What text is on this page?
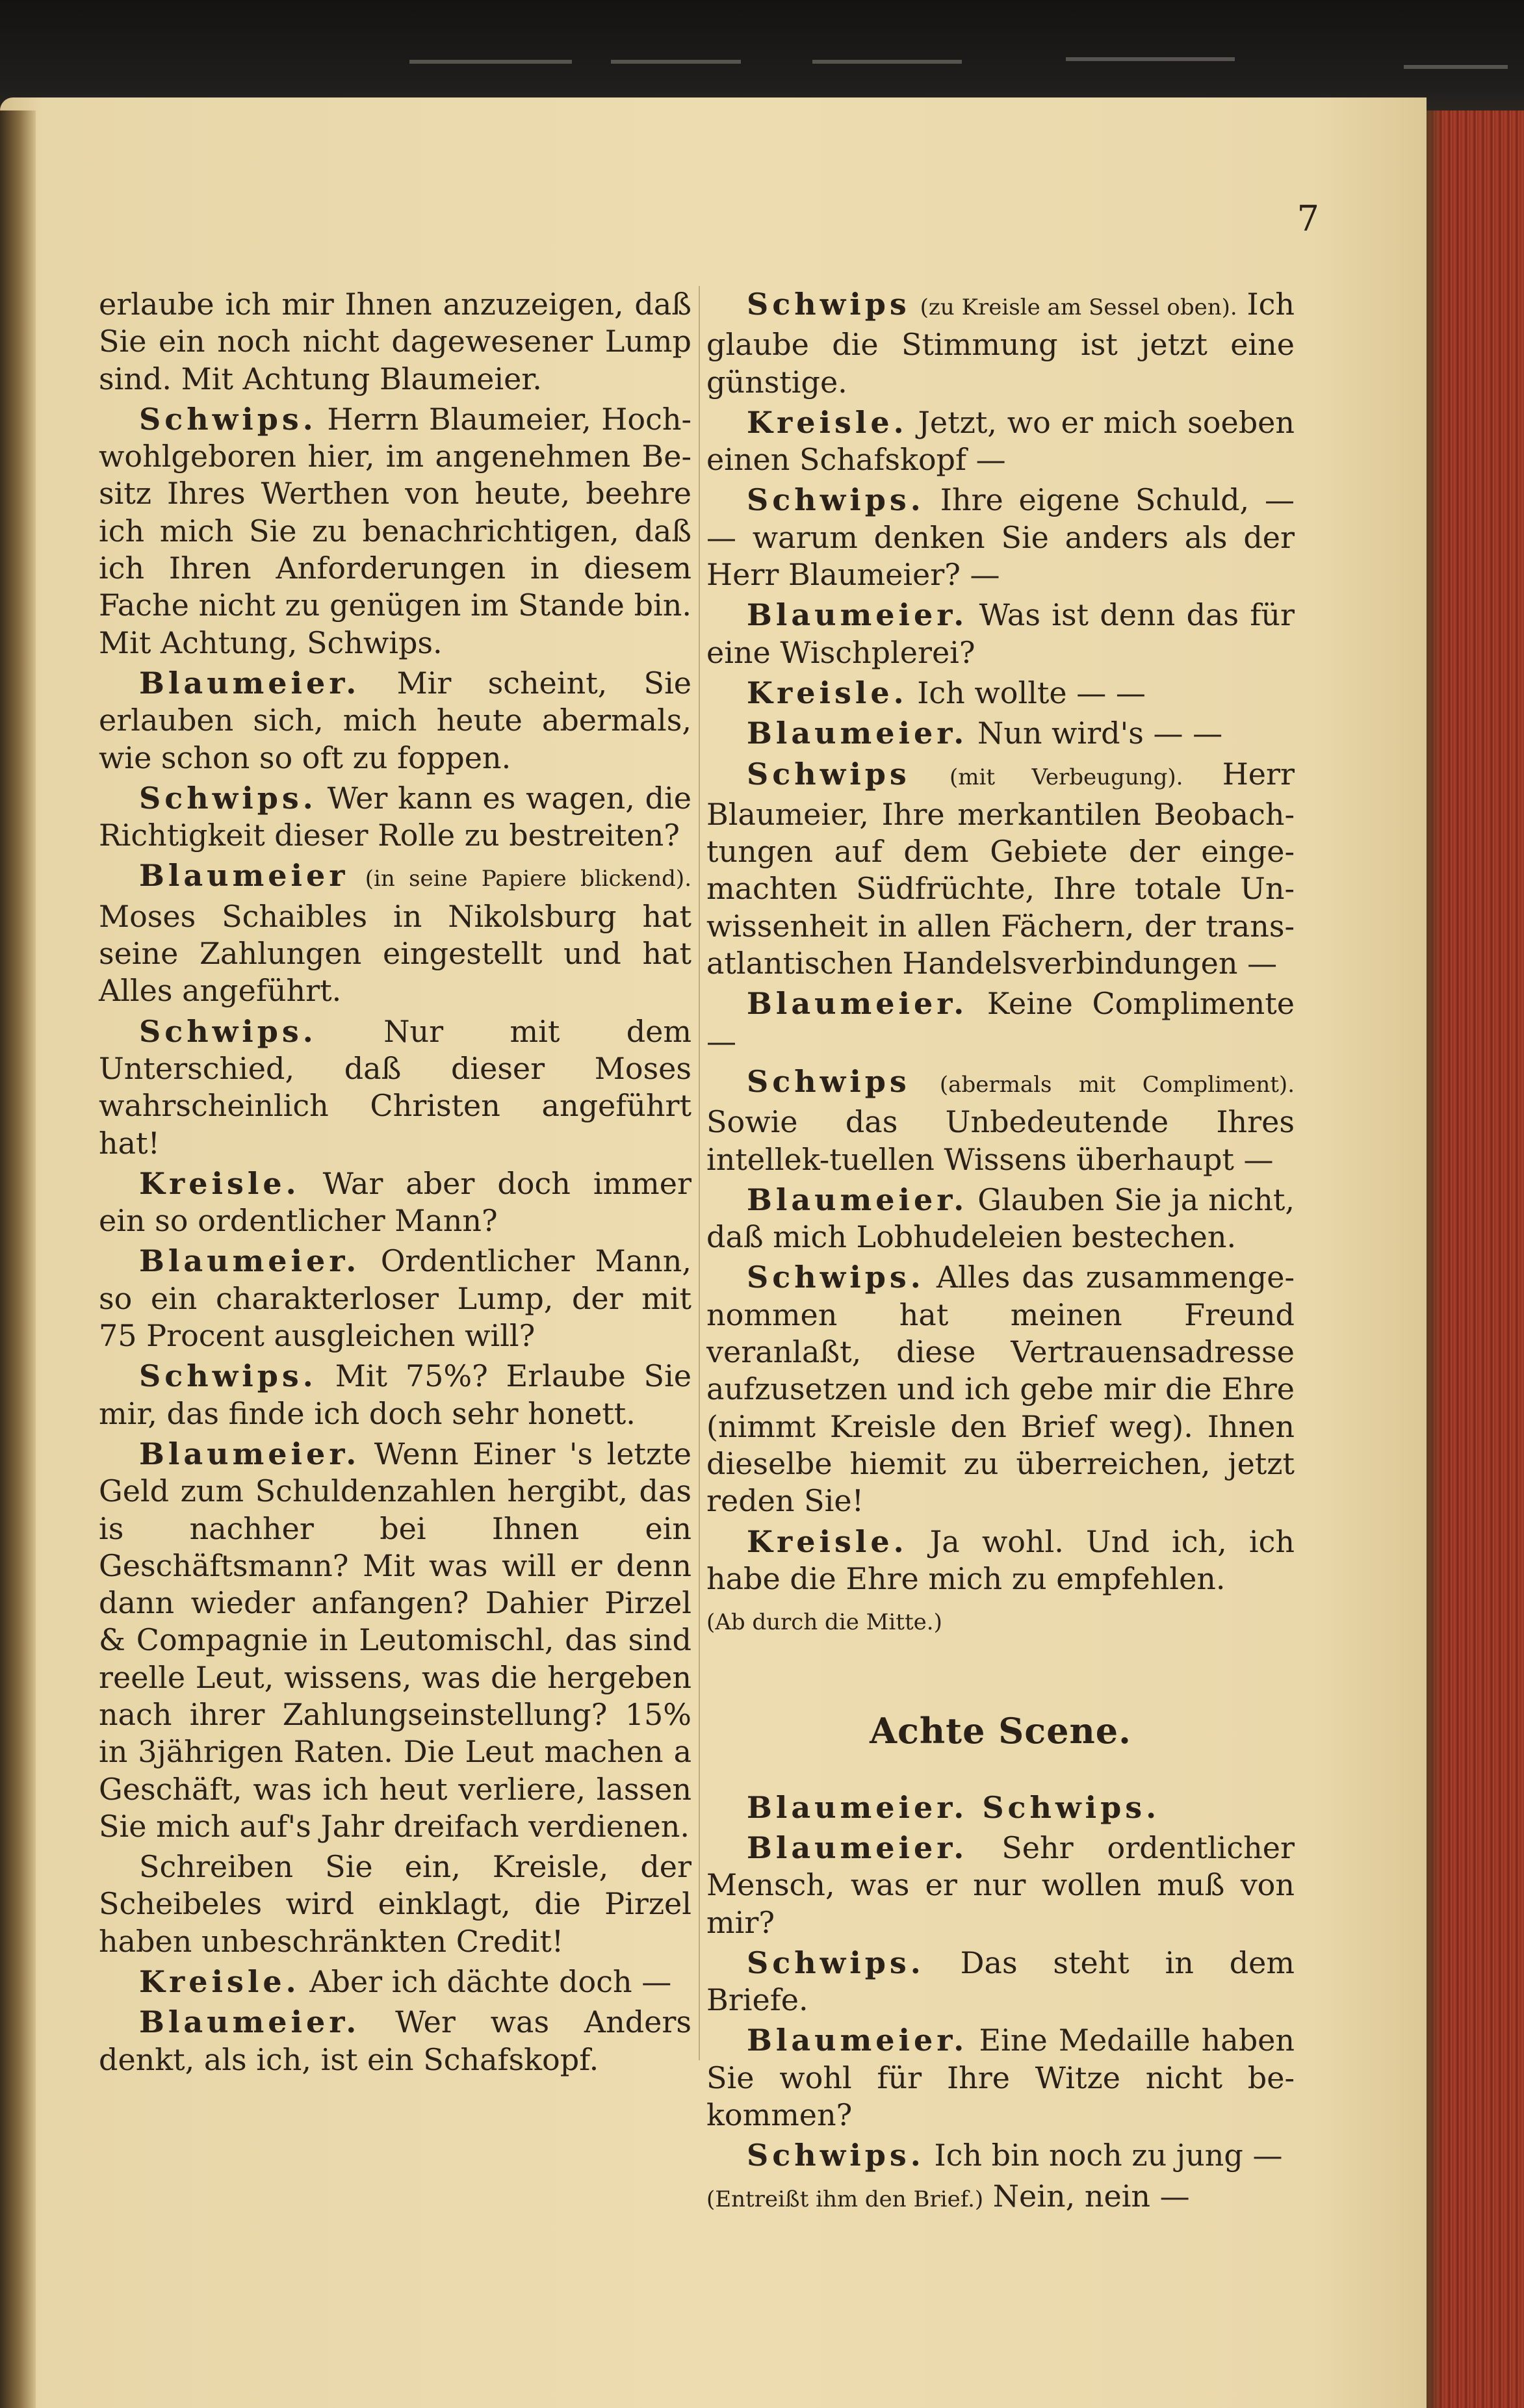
7
erlaube ich mir Ihnen anzuzeigen, daß Sie ein noch nicht dagewesener Lump sind. Mit Achtung Blaumeier.
Schwips. Herrn Blaumeier, Hoch-wohlgeboren hier, im angenehmen Be-sitz Ihres Werthen von heute, beehre ich mich Sie zu benachrichtigen, daß ich Ihren Anforderungen in diesem Fache nicht zu genügen im Stande bin. Mit Achtung, Schwips.
Blaumeier. Mir scheint, Sie erlauben sich, mich heute abermals, wie schon so oft zu foppen.
Schwips. Wer kann es wagen, die Richtigkeit dieser Rolle zu bestreiten?
Blaumeier (in seine Papiere blickend). Moses Schaibles in Nikolsburg hat seine Zahlungen eingestellt und hat Alles angeführt.
Schwips. Nur mit dem Unterschied, daß dieser Moses wahrscheinlich Christen angeführt hat!
Kreisle. War aber doch immer ein so ordentlicher Mann?
Blaumeier. Ordentlicher Mann, so ein charakterloser Lump, der mit 75 Procent ausgleichen will?
Schwips. Mit 75%? Erlaube Sie mir, das finde ich doch sehr honett.
Blaumeier. Wenn Einer 's letzte Geld zum Schuldenzahlen hergibt, das is nachher bei Ihnen ein Geschäftsmann? Mit was will er denn dann wieder anfangen? Dahier Pirzel & Compagnie in Leutomischl, das sind reelle Leut, wissens, was die hergeben nach ihrer Zahlungseinstellung? 15% in 3jährigen Raten. Die Leut machen a Geschäft, was ich heut verliere, lassen Sie mich auf's Jahr dreifach verdienen.
Schreiben Sie ein, Kreisle, der Scheibeles wird einklagt, die Pirzel haben unbeschränkten Credit!
Kreisle. Aber ich dächte doch —
Blaumeier. Wer was Anders denkt, als ich, ist ein Schafskopf.
Schwips (zu Kreisle am Sessel oben). Ich glaube die Stimmung ist jetzt eine günstige.
Kreisle. Jetzt, wo er mich soeben einen Schafskopf —
Schwips. Ihre eigene Schuld, — — warum denken Sie anders als der Herr Blaumeier? —
Blaumeier. Was ist denn das für eine Wischplerei?
Kreisle. Ich wollte — —
Blaumeier. Nun wird's — —
Schwips (mit Verbeugung). Herr Blaumeier, Ihre merkantilen Beobach-tungen auf dem Gebiete der einge-machten Südfrüchte, Ihre totale Un-wissenheit in allen Fächern, der trans-atlantischen Handelsverbindungen —
Blaumeier. Keine Complimente —
Schwips (abermals mit Compliment). Sowie das Unbedeutende Ihres intellek-tuellen Wissens überhaupt —
Blaumeier. Glauben Sie ja nicht, daß mich Lobhudeleien bestechen.
Schwips. Alles das zusammenge-nommen hat meinen Freund veranlaßt, diese Vertrauensadresse aufzusetzen und ich gebe mir die Ehre (nimmt Kreisle den Brief weg). Ihnen dieselbe hiemit zu überreichen, jetzt reden Sie!
Kreisle. Ja wohl. Und ich, ich habe die Ehre mich zu empfehlen.
(Ab durch die Mitte.)
Achte Scene.
Blaumeier. Schwips.
Blaumeier. Sehr ordentlicher Mensch, was er nur wollen muß von mir?
Schwips. Das steht in dem Briefe.
Blaumeier. Eine Medaille haben Sie wohl für Ihre Witze nicht be-kommen?
Schwips. Ich bin noch zu jung —
(Entreißt ihm den Brief.) Nein, nein —
